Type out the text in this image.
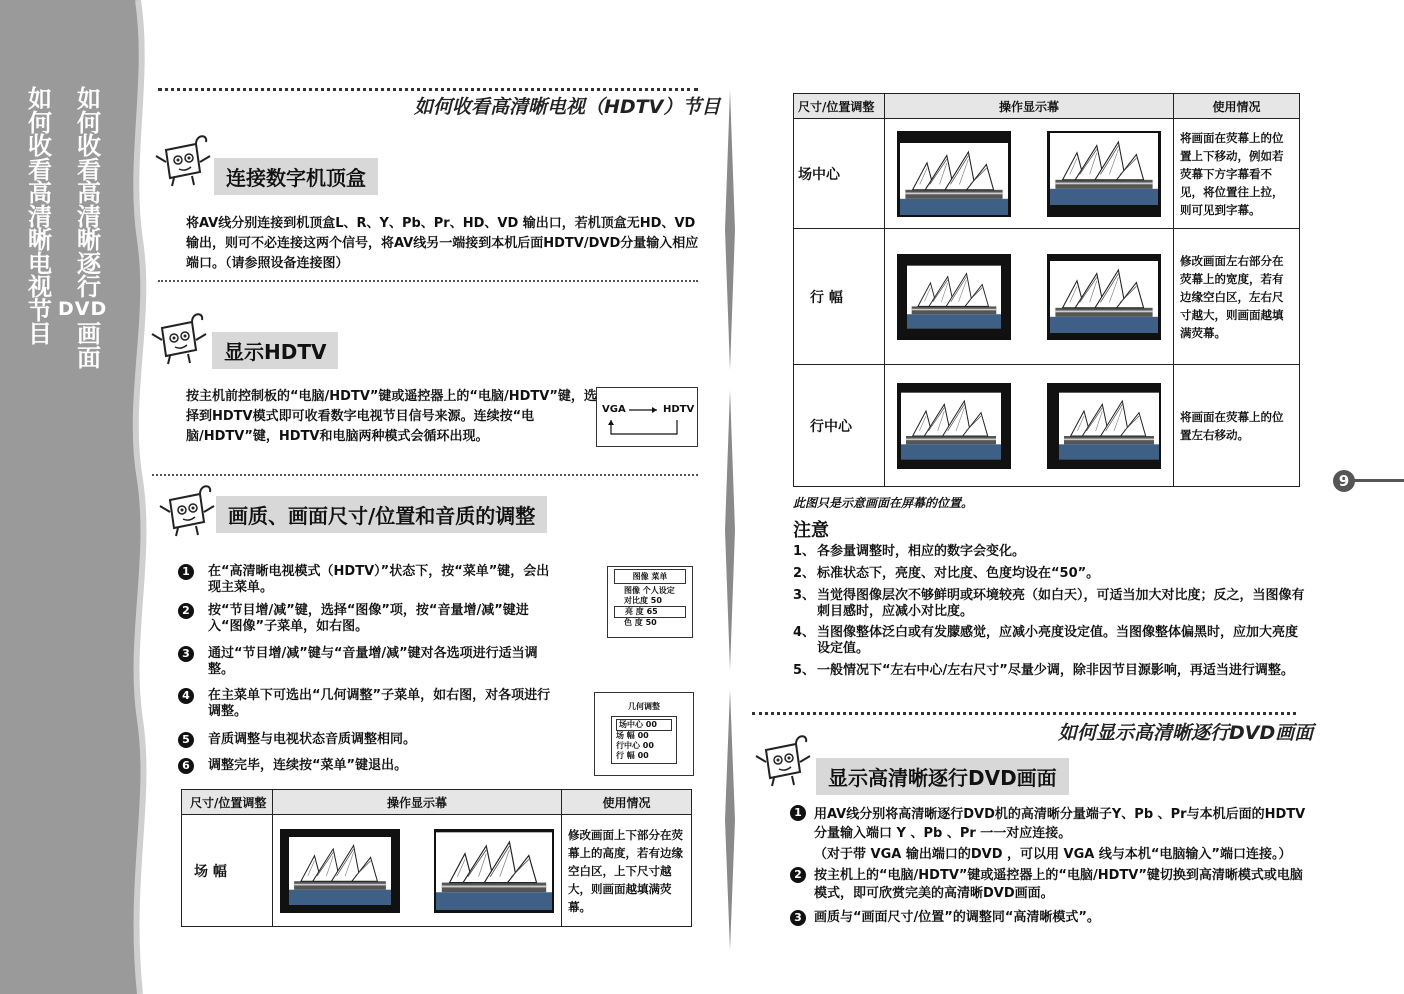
如
何
收
看
高
清
晰
电
视
节
目
如
何
收
看
高
清
晰
逐
行
画
面
DVD
如何收看高清晰电视（HDTV）节目
连接数字机顶盒
将AV线分别连接到机顶盒L、R、Y、Pb、Pr、HD、VD 输出口，若机顶盒无HD、VD输出，则可不必连接这两个信号，将AV线另一端接到本机后面HDTV/DVD分量输入相应端口。（请参照设备连接图）
显示HDTV
按主机前控制板的“电脑/HDTV”键或遥控器上的“电脑/HDTV”键，选择到HDTV模式即可收看数字电视节目信号来源。连续按“电脑/HDTV”键，HDTV和电脑两种模式会循环出现。
VGA	HDTV
画质、画面尺寸/位置和音质的调整
1	在“高清晰电视模式（HDTV）”状态下，按“菜单”键，会出现主菜单。
2	按“节目增/减”键，选择“图像”项，按“音量增/减”键进入“图像”子菜单，如右图。
3	通过“节目增/减”键与“音量增/减”键对各选项进行适当调整。
4	在主菜单下可选出“几何调整”子菜单，如右图，对各项进行调整。
5	音质调整与电视状态音质调整相同。
6	调整完毕，连续按“菜单”键退出。
图像 菜单
图像 个人设定
对比度 50
亮 度 65
色 度 50
几何调整
场中心 00
场 幅 00
行中心 00
行 幅 00
尺寸/位置调整	操作显示幕	使用情况
场 幅		修改画面上下部分在荧幕上的高度，若有边缘空白区，上下尺寸越大，则画面越填满荧幕。
尺寸/位置调整	操作显示幕	使用情况
场中心		将画面在荧幕上的位置上下移动，例如若荧幕下方字幕看不见，将位置往上拉，则可见到字幕。
行 幅		修改画面左右部分在荧幕上的宽度，若有边缘空白区，左右尺寸越大，则画面越填满荧幕。
行中心		将画面在荧幕上的位置左右移动。
此图只是示意画面在屏幕的位置。
注意
1、 各参量调整时，相应的数字会变化。
2、 标准状态下，亮度、对比度、色度均设在“50”。
3、 当觉得图像层次不够鲜明或环境较亮（如白天），可适当加大对比度；反之，当图像有刺目感时，应减小对比度。
4、 当图像整体泛白或有发朦感觉，应减小亮度设定值。当图像整体偏黑时，应加大亮度设定值。
5、 一般情况下“左右中心/左右尺寸”尽量少调，除非因节目源影响，再适当进行调整。
如何显示高清晰逐行DVD画面
显示高清晰逐行DVD画面
1 用AV线分别将高清晰逐行DVD机的高清晰分量端子Y、Pb 、Pr与本机后面的HDTV分量输入端口 Y 、Pb 、Pr 一一对应连接。
（对于带 VGA 输出端口的DVD ，可以用 VGA 线与本机“电脑输入”端口连接。）
2 按主机上的“电脑/HDTV”键或遥控器上的“电脑/HDTV”键切换到高清晰模式或电脑模式，即可欣赏完美的高清晰DVD画面。
3 画质与“画面尺寸/位置”的调整同“高清晰模式”。
9
